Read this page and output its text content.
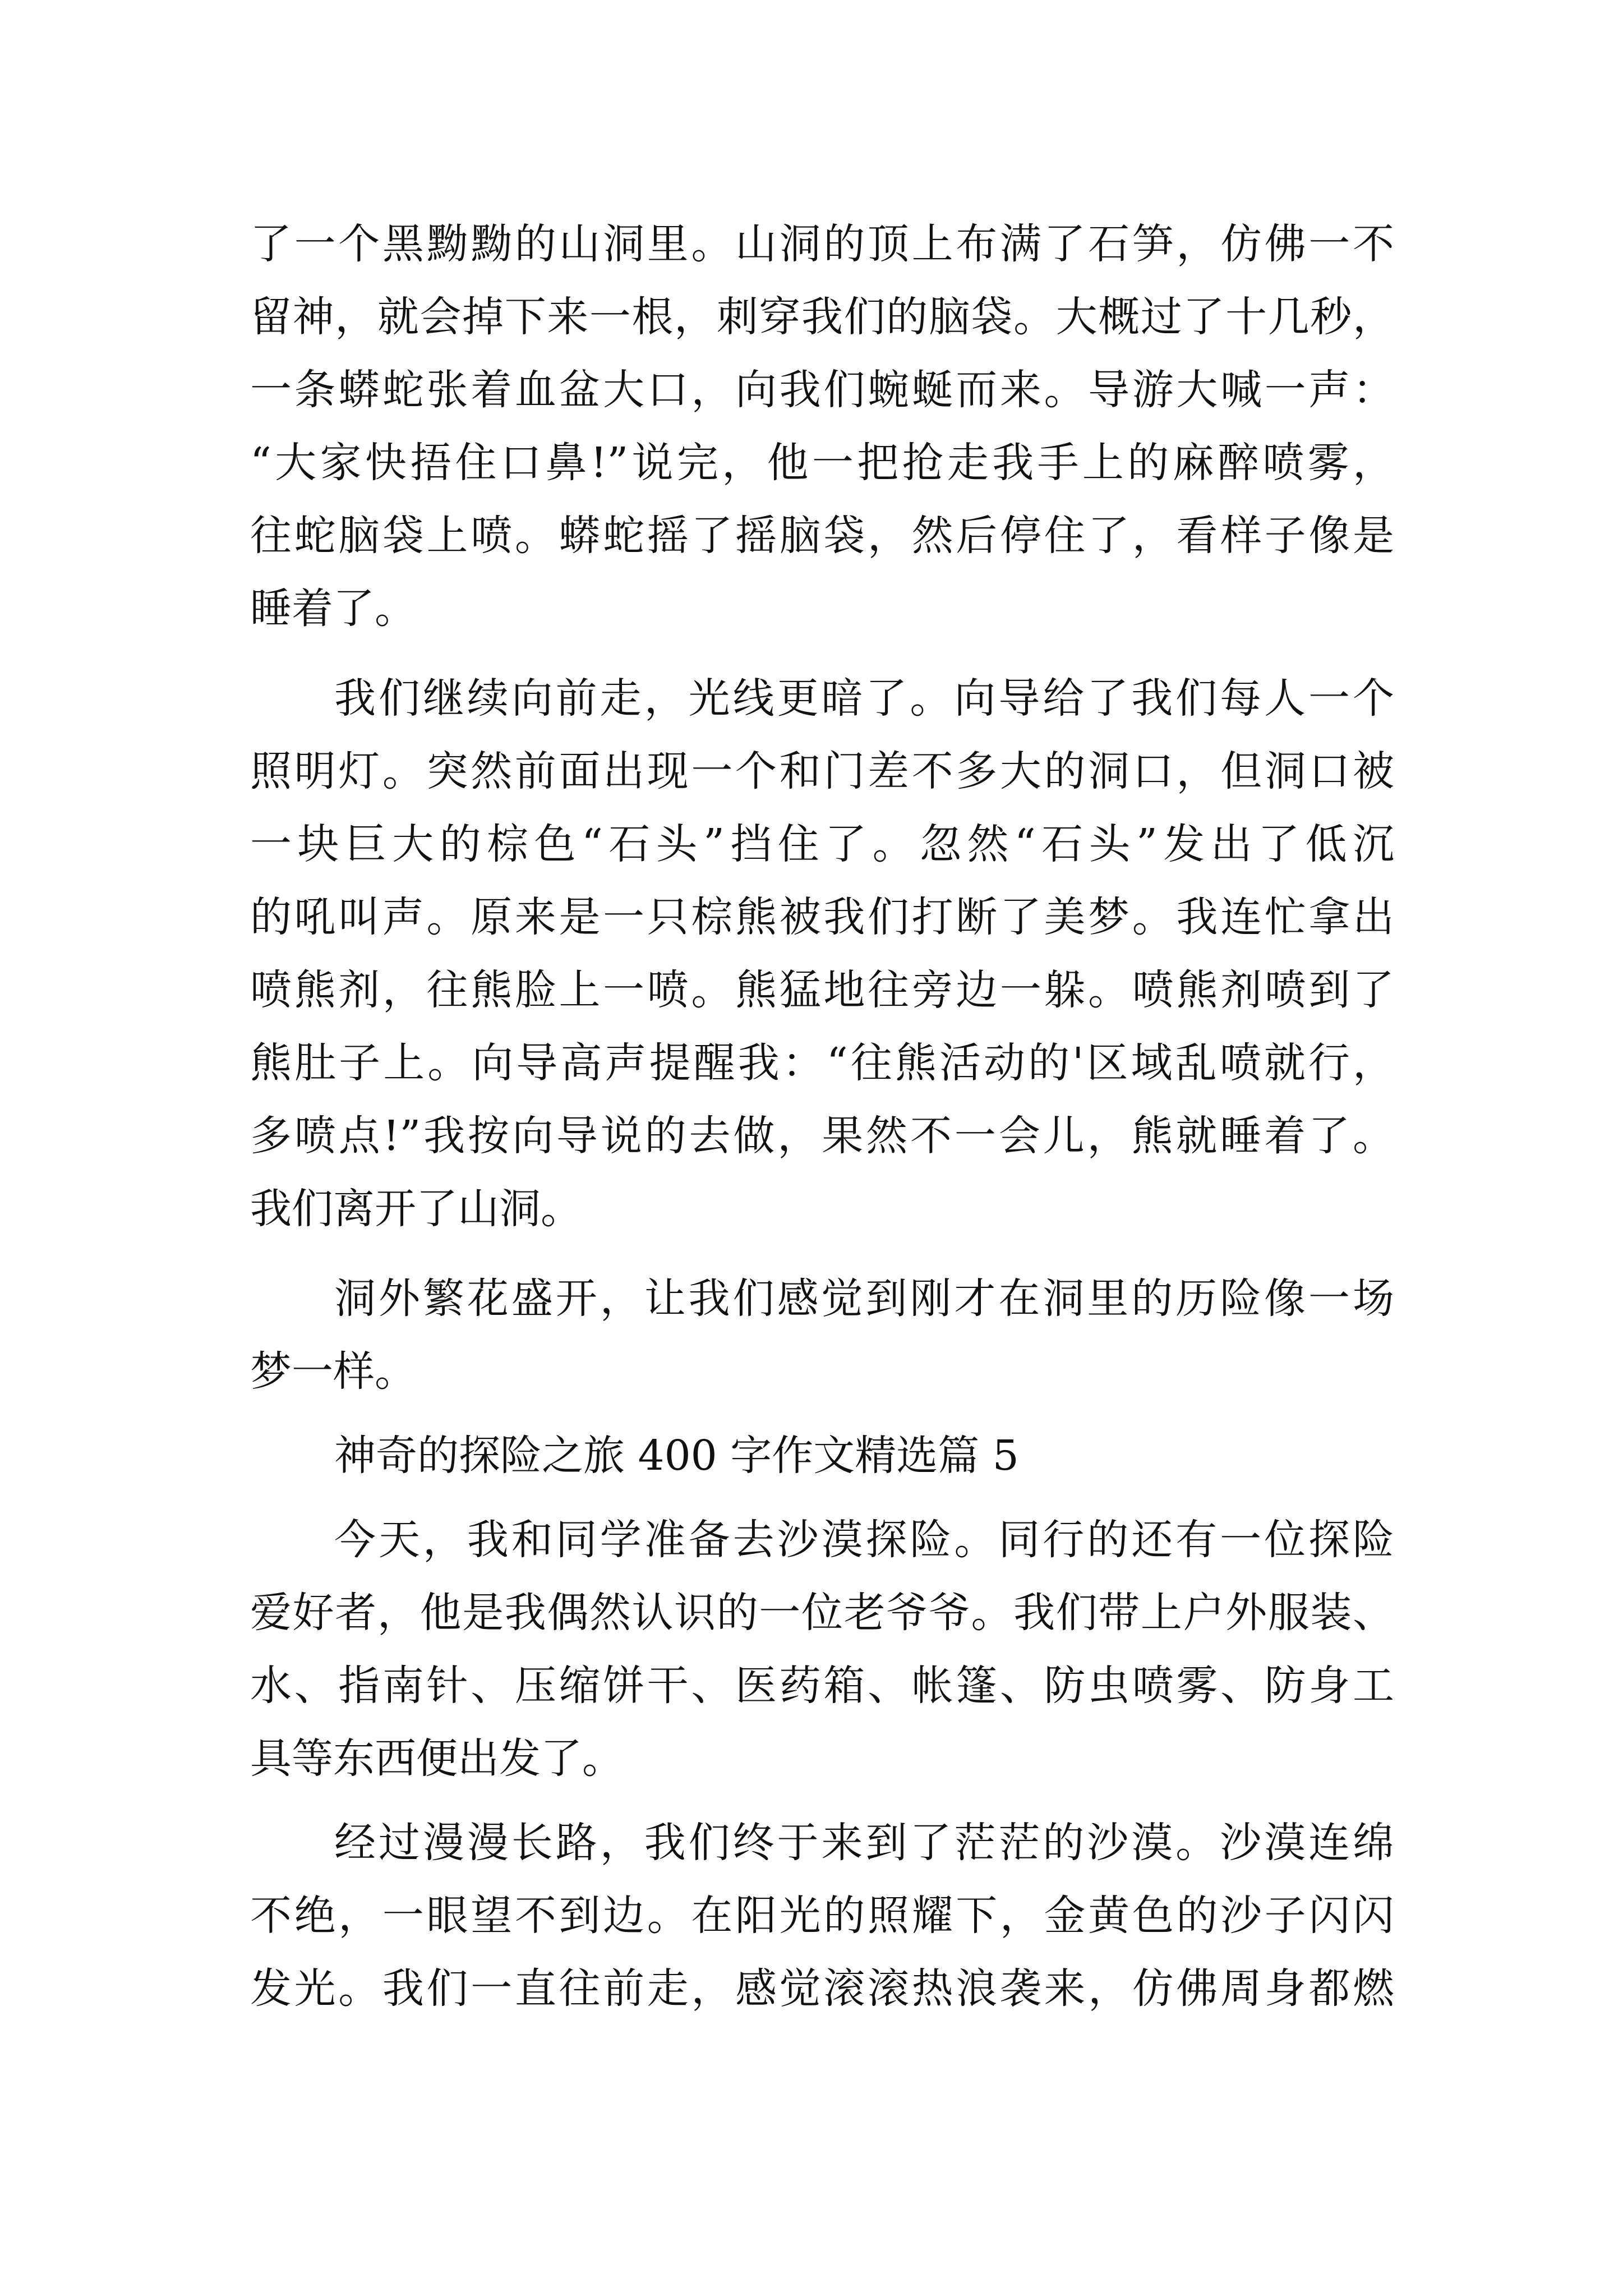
了一个黑黝黝的山洞里。山洞的顶上布满了石笋，仿佛一不
留神，就会掉下来一根，刺穿我们的脑袋。大概过了十几秒，
一条蟒蛇张着血盆大口，向我们蜿蜒而来。导游大喊一声：
“大家快捂住口鼻!”说完，他一把抢走我手上的麻醉喷雾，
往蛇脑袋上喷。蟒蛇摇了摇脑袋，然后停住了，看样子像是
睡着了。
我们继续向前走，光线更暗了。向导给了我们每人一个
照明灯。突然前面出现一个和门差不多大的洞口，但洞口被
一块巨大的棕色“石头”挡住了。忽然“石头”发出了低沉
的吼叫声。原来是一只棕熊被我们打断了美梦。我连忙拿出
喷熊剂，往熊脸上一喷。熊猛地往旁边一躲。喷熊剂喷到了
熊肚子上。向导高声提醒我：“往熊活动的'区域乱喷就行，
多喷点!”我按向导说的去做，果然不一会儿，熊就睡着了。
我们离开了山洞。
洞外繁花盛开，让我们感觉到刚才在洞里的历险像一场
梦一样。
神奇的探险之旅 400 字作文精选篇 5
今天，我和同学准备去沙漠探险。同行的还有一位探险
爱好者，他是我偶然认识的一位老爷爷。我们带上户外服装、
水、指南针、压缩饼干、医药箱、帐篷、防虫喷雾、防身工
具等东西便出发了。
经过漫漫长路，我们终于来到了茫茫的沙漠。沙漠连绵
不绝，一眼望不到边。在阳光的照耀下，金黄色的沙子闪闪
发光。我们一直往前走，感觉滚滚热浪袭来，仿佛周身都燃
